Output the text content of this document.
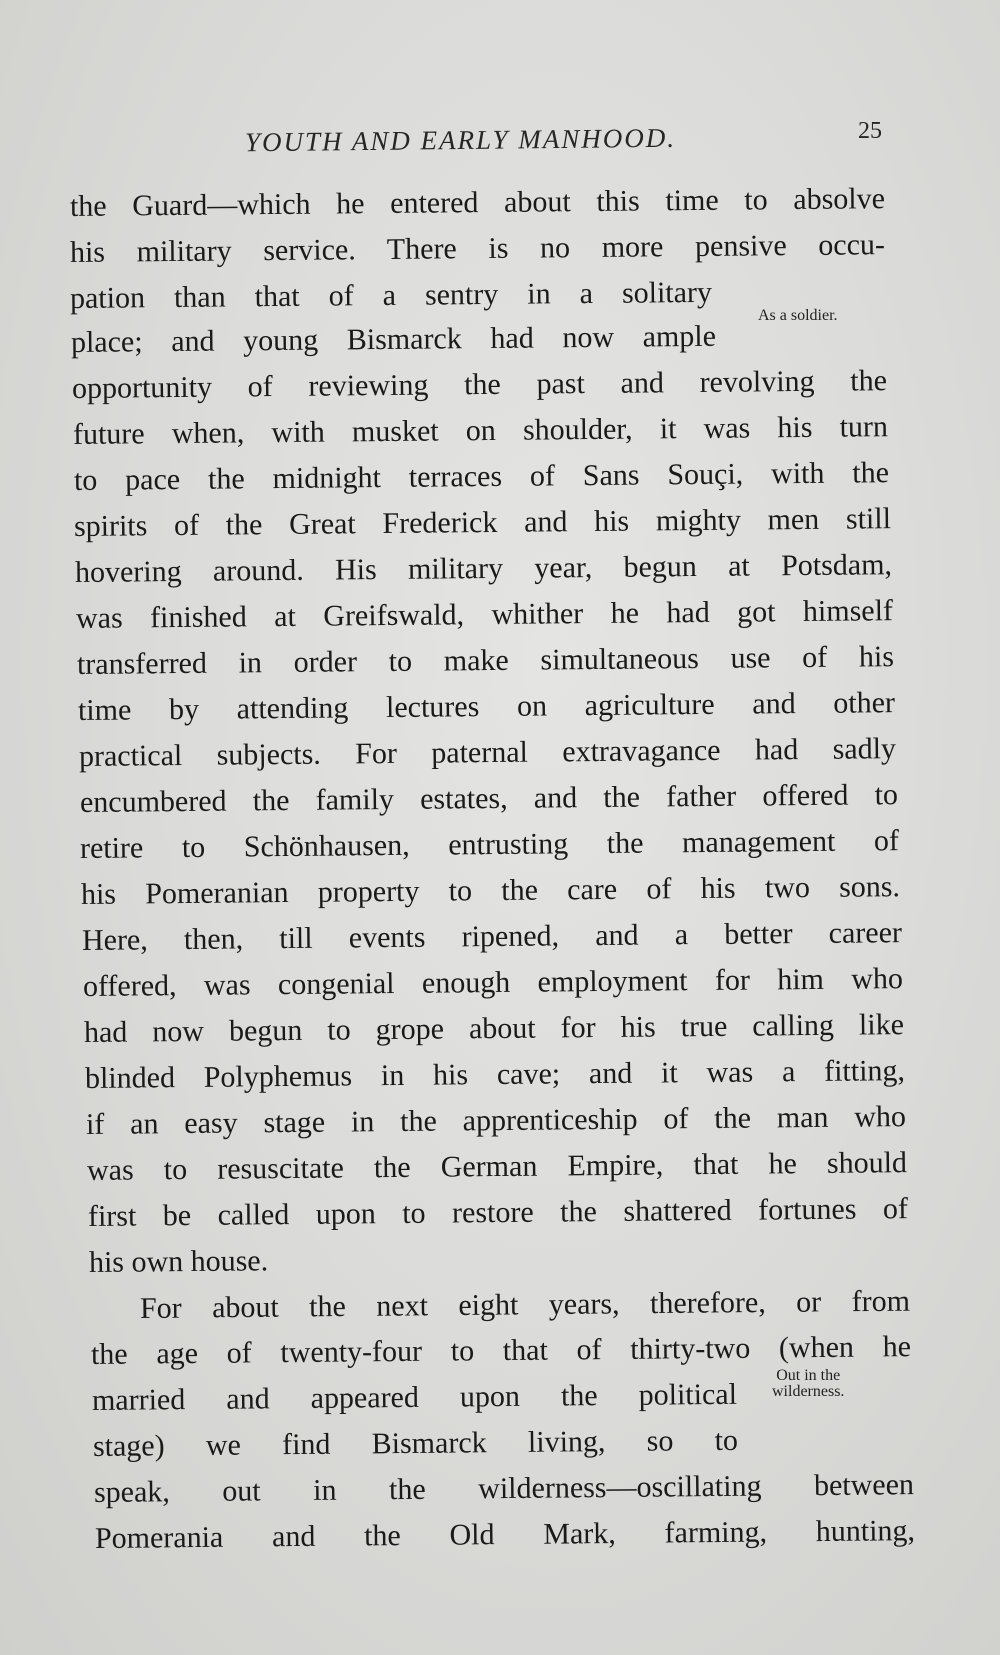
YOUTH AND EARLY MANHOOD.	25
As a soldier.
Out in the
wilderness.
the Guard—which he entered about this time to absolve
his military service. There is no more pensive occu-
pation than that of a sentry in a solitary
place; and young Bismarck had now ample
opportunity of reviewing the past and revolving the
future when, with musket on shoulder, it was his turn
to pace the midnight terraces of Sans Souçi, with the
spirits of the Great Frederick and his mighty men still
hovering around. His military year, begun at Potsdam,
was finished at Greifswald, whither he had got himself
transferred in order to make simultaneous use of his
time by attending lectures on agriculture and other
practical subjects. For paternal extravagance had sadly
encumbered the family estates, and the father offered to
retire to Schönhausen, entrusting the management of
his Pomeranian property to the care of his two sons.
Here, then, till events ripened, and a better career
offered, was congenial enough employment for him who
had now begun to grope about for his true calling like
blinded Polyphemus in his cave; and it was a fitting,
if an easy stage in the apprenticeship of the man who
was to resuscitate the German Empire, that he should
first be called upon to restore the shattered fortunes of
his own house.
For about the next eight years, therefore, or from
the age of twenty-four to that of thirty-two (when he
married and appeared upon the political
stage) we find Bismarck living, so to
speak, out in the wilderness—oscillating between
Pomerania and the Old Mark, farming, hunting,
